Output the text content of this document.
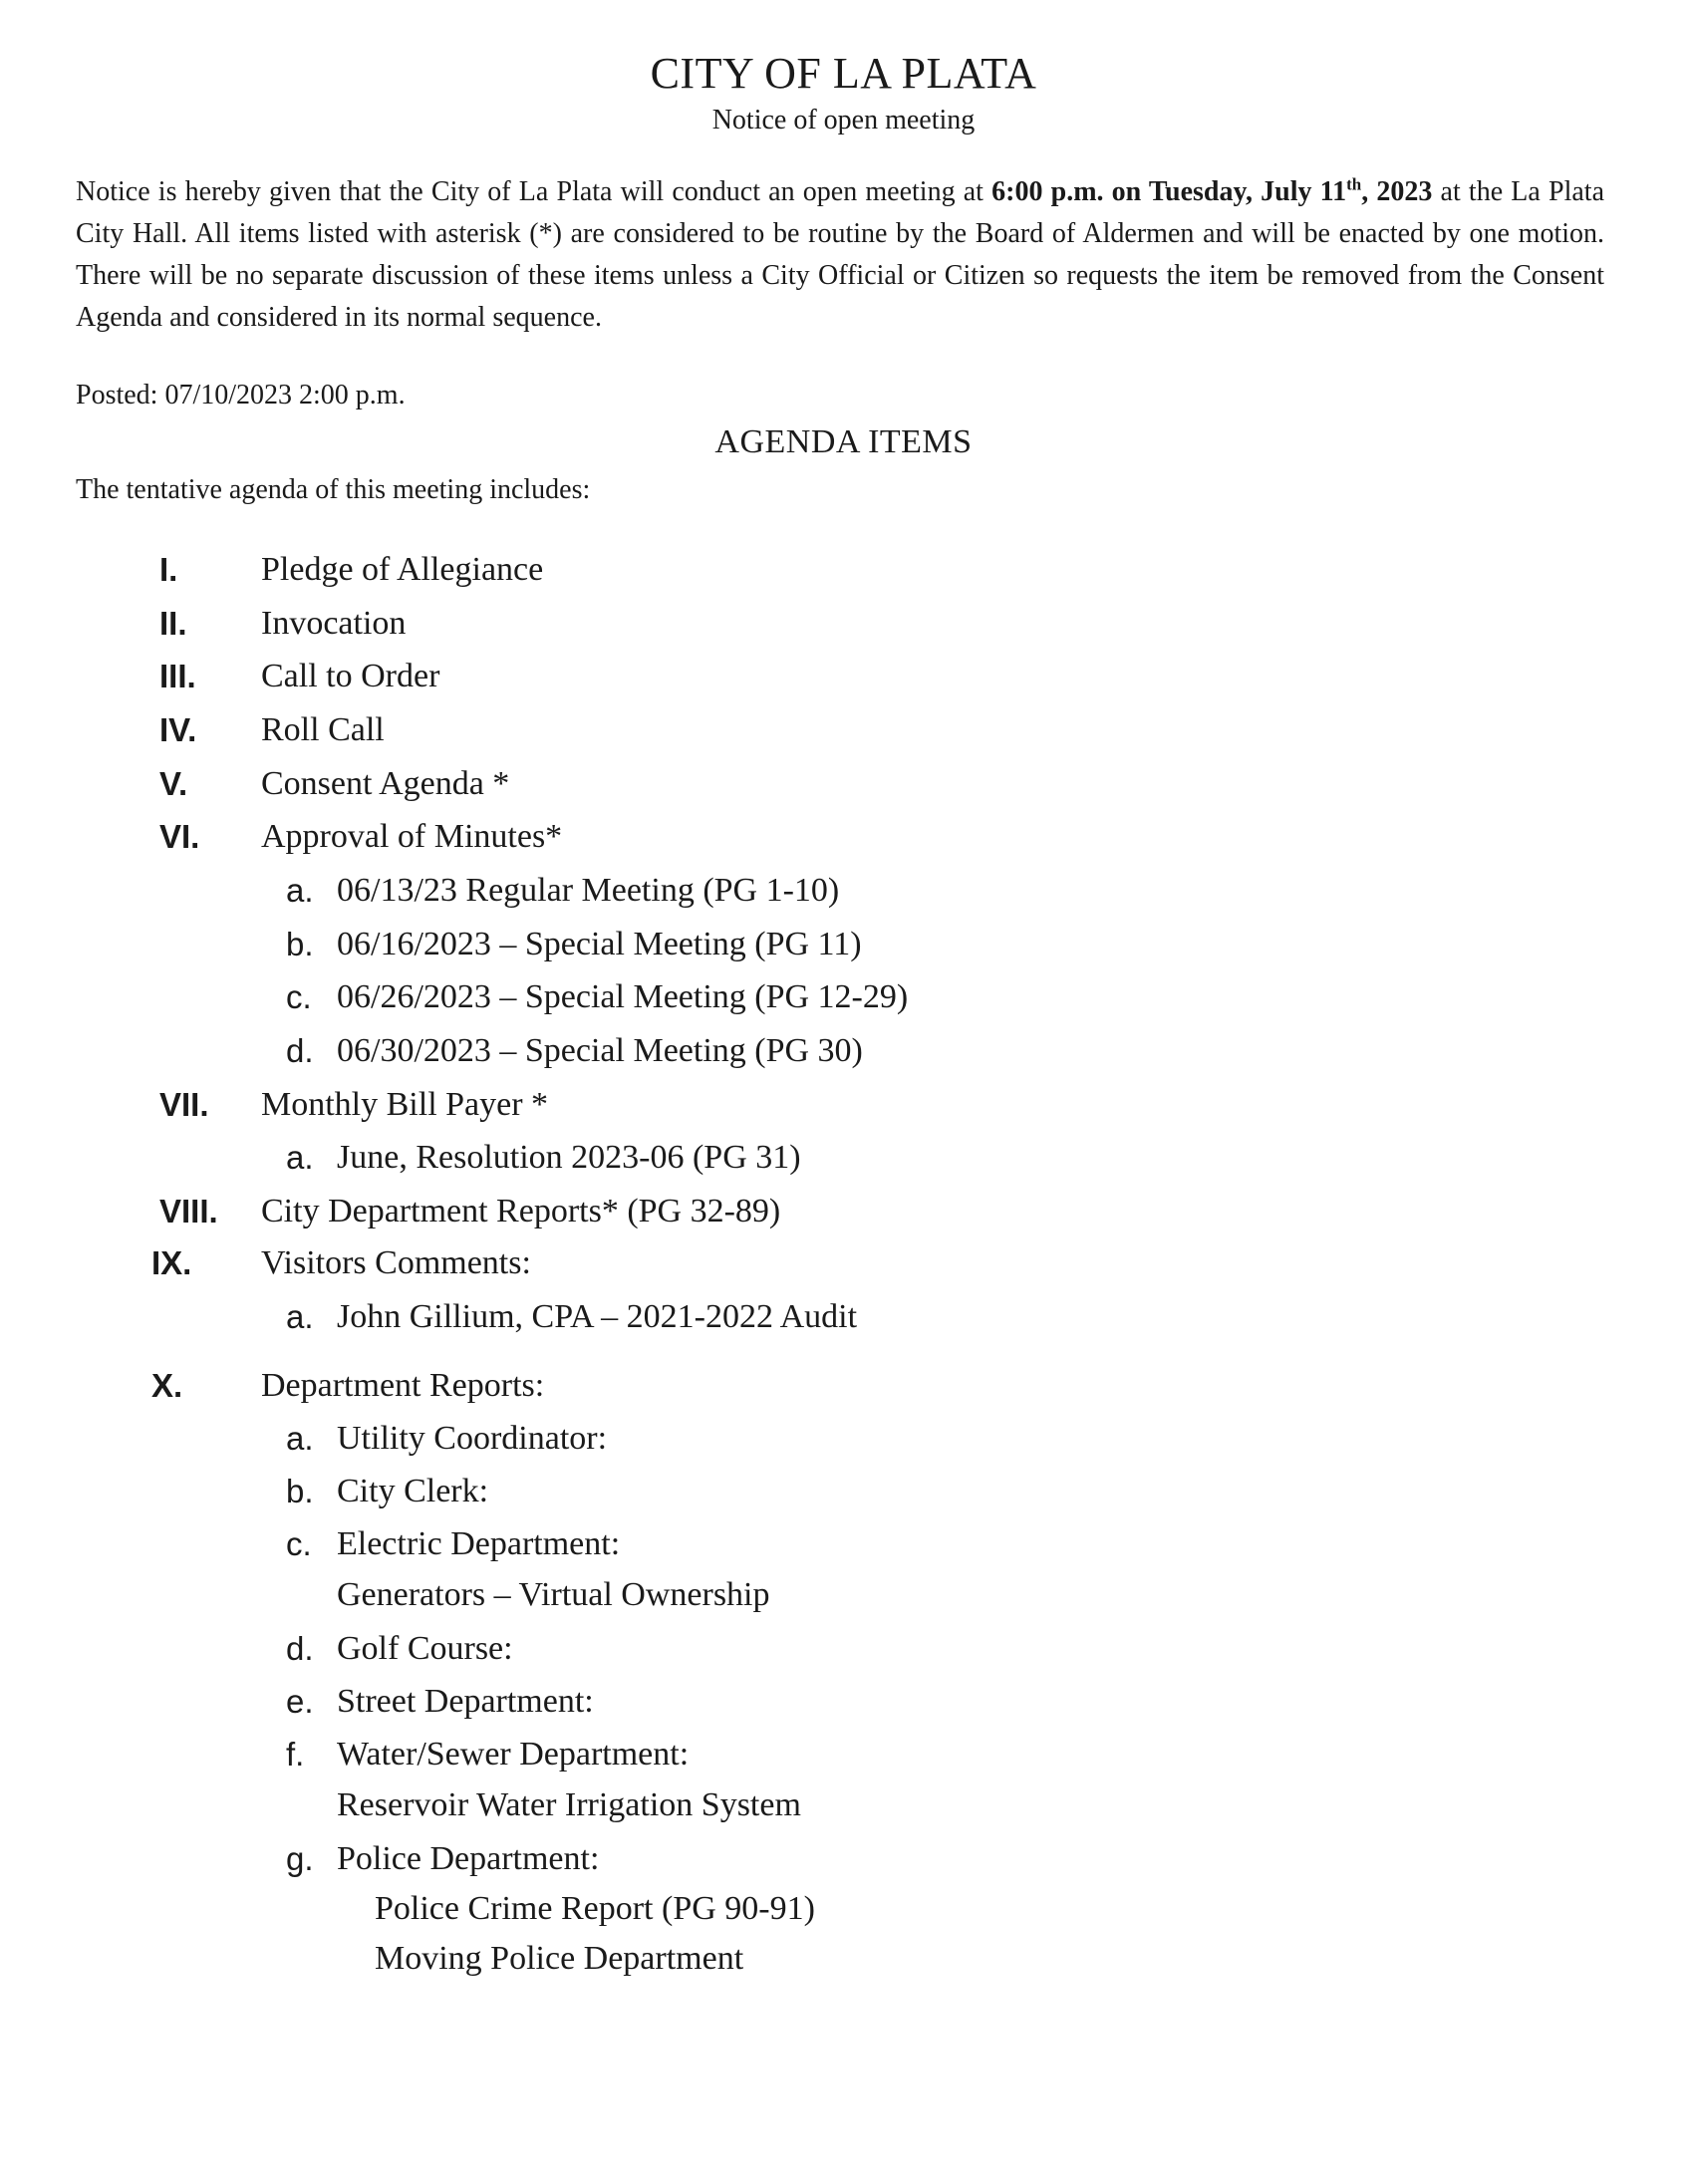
CITY OF LA PLATA
Notice of open meeting
Notice is hereby given that the City of La Plata will conduct an open meeting at 6:00 p.m. on Tuesday, July 11th, 2023 at the La Plata City Hall. All items listed with asterisk (*) are considered to be routine by the Board of Aldermen and will be enacted by one motion. There will be no separate discussion of these items unless a City Official or Citizen so requests the item be removed from the Consent Agenda and considered in its normal sequence.
Posted: 07/10/2023 2:00 p.m.
AGENDA ITEMS
The tentative agenda of this meeting includes:
I. Pledge of Allegiance
II. Invocation
III. Call to Order
IV. Roll Call
V. Consent Agenda *
VI. Approval of Minutes*
a. 06/13/23 Regular Meeting (PG 1-10)
b. 06/16/2023 – Special Meeting (PG 11)
c. 06/26/2023 – Special Meeting (PG 12-29)
d. 06/30/2023 – Special Meeting (PG 30)
VII. Monthly Bill Payer *
a. June, Resolution 2023-06 (PG 31)
VIII. City Department Reports* (PG 32-89)
IX. Visitors Comments:
a. John Gillium, CPA – 2021-2022 Audit
X. Department Reports:
a. Utility Coordinator:
b. City Clerk:
c. Electric Department:
Generators – Virtual Ownership
d. Golf Course:
e. Street Department:
f. Water/Sewer Department:
Reservoir Water Irrigation System
g. Police Department:
Police Crime Report (PG 90-91)
Moving Police Department
